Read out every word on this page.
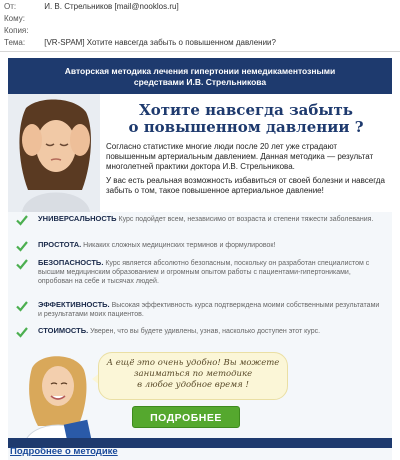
От:	И. В. Стрельников [mail@nooklos.ru]
Кому:
Копия:
Тема: [VR-SPAM] Хотите навсегда забыть о повышенном давлении?
Авторская методика лечения гипертонии немедикаментозными
средствами И.В. Стрельникова
Хотите навсегда забыть
о повышенном давлении ?
Согласно статистике многие люди после 20 лет уже страдают повышенным артериальным давлением. Данная методика — результат многолетней практики доктора И.В. Стрельникова.
У вас есть реальная возможность избавиться от своей болезни и навсегда забыть о том, такое повышенное артериальное давление!
УНИВЕРСАЛЬНОСТЬ Курс подойдет всем, независимо от возраста и степени тяжести заболевания.
ПРОСТОТА. Никаких сложных медицинских терминов и формулировок!
БЕЗОПАСНОСТЬ. Курс является абсолютно безопасным, поскольку он разработан специалистом с высшим медицинским образованием и огромным опытом работы с пациентами-гипертониками, опробован на себе и тысячах людей.
ЭФФЕКТИВНОСТЬ. Высокая эффективность курса подтверждена моими собственными результатами и результатами моих пациентов.
СТОИМОСТЬ. Уверен, что вы будете удивлены, узнав, насколько доступен этот курс.
А ещё это очень удобно! Вы можете
заниматься по методике
в любое удобное время !
ПОДРОБНЕЕ
Подробнее о методике
